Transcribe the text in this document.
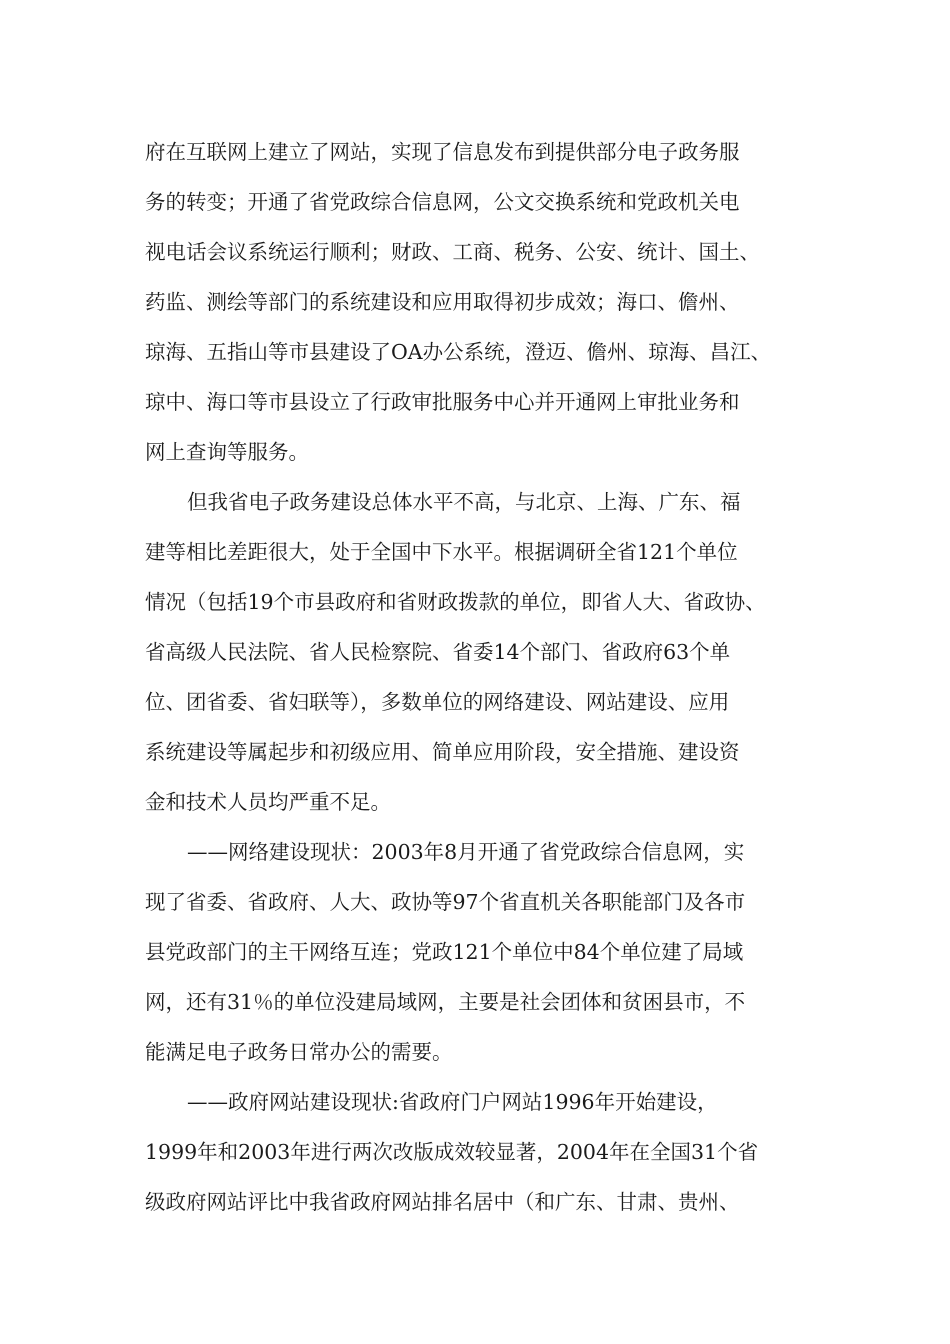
府在互联网上建立了网站，实现了信息发布到提供部分电子政务服
务的转变；开通了省党政综合信息网，公文交换系统和党政机关电
视电话会议系统运行顺利；财政、工商、税务、公安、统计、国土、
药监、测绘等部门的系统建设和应用取得初步成效；海口、儋州、
琼海、五指山等市县建设了OA办公系统，澄迈、儋州、琼海、昌江、
琼中、海口等市县设立了行政审批服务中心并开通网上审批业务和
网上查询等服务。
但我省电子政务建设总体水平不高，与北京、上海、广东、福
建等相比差距很大，处于全国中下水平。根据调研全省121个单位
情况（包括19个市县政府和省财政拨款的单位，即省人大、省政协、
省高级人民法院、省人民检察院、省委14个部门、省政府63个单
位、团省委、省妇联等），多数单位的网络建设、网站建设、应用
系统建设等属起步和初级应用、简单应用阶段，安全措施、建设资
金和技术人员均严重不足。
——网络建设现状：2003年8月开通了省党政综合信息网，实
现了省委、省政府、人大、政协等97个省直机关各职能部门及各市
县党政部门的主干网络互连；党政121个单位中84个单位建了局域
网，还有31％的单位没建局域网，主要是社会团体和贫困县市，不
能满足电子政务日常办公的需要。
——政府网站建设现状:省政府门户网站1996年开始建设，
1999年和2003年进行两次改版成效较显著，2004年在全国31个省
级政府网站评比中我省政府网站排名居中（和广东、甘肃、贵州、
